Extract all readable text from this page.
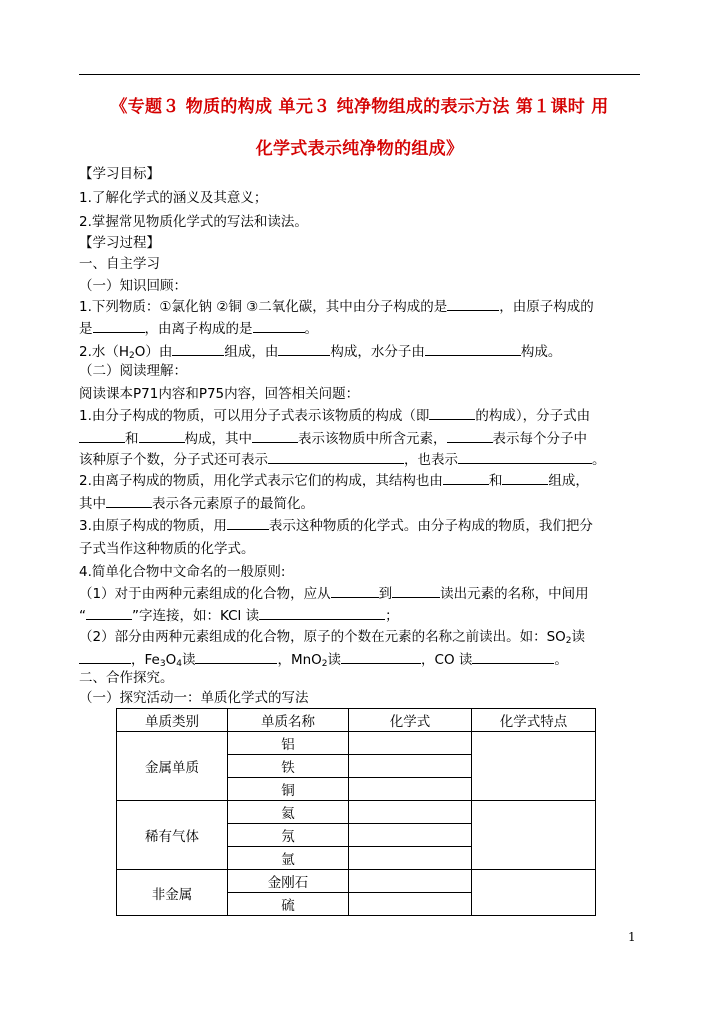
《专题３ 物质的构成 单元３ 纯净物组成的表示方法 第１课时 用
化学式表示纯净物的组成》
【学习目标】
1.了解化学式的涵义及其意义；
2.掌握常见物质化学式的写法和读法。
【学习过程】
一、自主学习
（一）知识回顾：
1.下列物质：①氯化钠 ②铜 ③二氧化碳，其中由分子构成的是	，由原子构成的
是	，由离子构成的是	。
2.水$(H_2O)$由	组成，由	构成，水分子由	构成。
（二）阅读理解：
阅读课本P71内容和P75内容，回答相关问题：
1.由分子构成的物质，可以用分子式表示该物质的构成（即	的构成），分子式由
和	构成，其中	表示该物质中所含元素，	表示每个分子中
该种原子个数，分子式还可表示	，也表示	。
2.由离子构成的物质，用化学式表示它们的构成，其结构也由	和	组成，
其中	表示各元素原子的最简化。
3.由原子构成的物质，用	表示这种物质的化学式。由分子构成的物质，我们把分
子式当作这种物质的化学式。
4.简单化合物中文命名的一般原则:
（1）对于由两种元素组成的化合物，应从	到	读出元素的名称，中间用
“	”字连接，如：KCl 读	；
（2）部分由两种元素组成的化合物，原子的个数在元素的名称之前读出。如：$SO_2$读
，$Fe_3O_4$读	，MnO$_2$读	，CO 读	。
二、合作探究。
（一）探究活动一：单质化学式的写法
单质类别	单质名称	化学式	化学式特点
金属单质	铝		
	铁		
	铜		
稀有气体	氦		
	氖		
	氩		
非金属	金刚石		
	硫		
1
